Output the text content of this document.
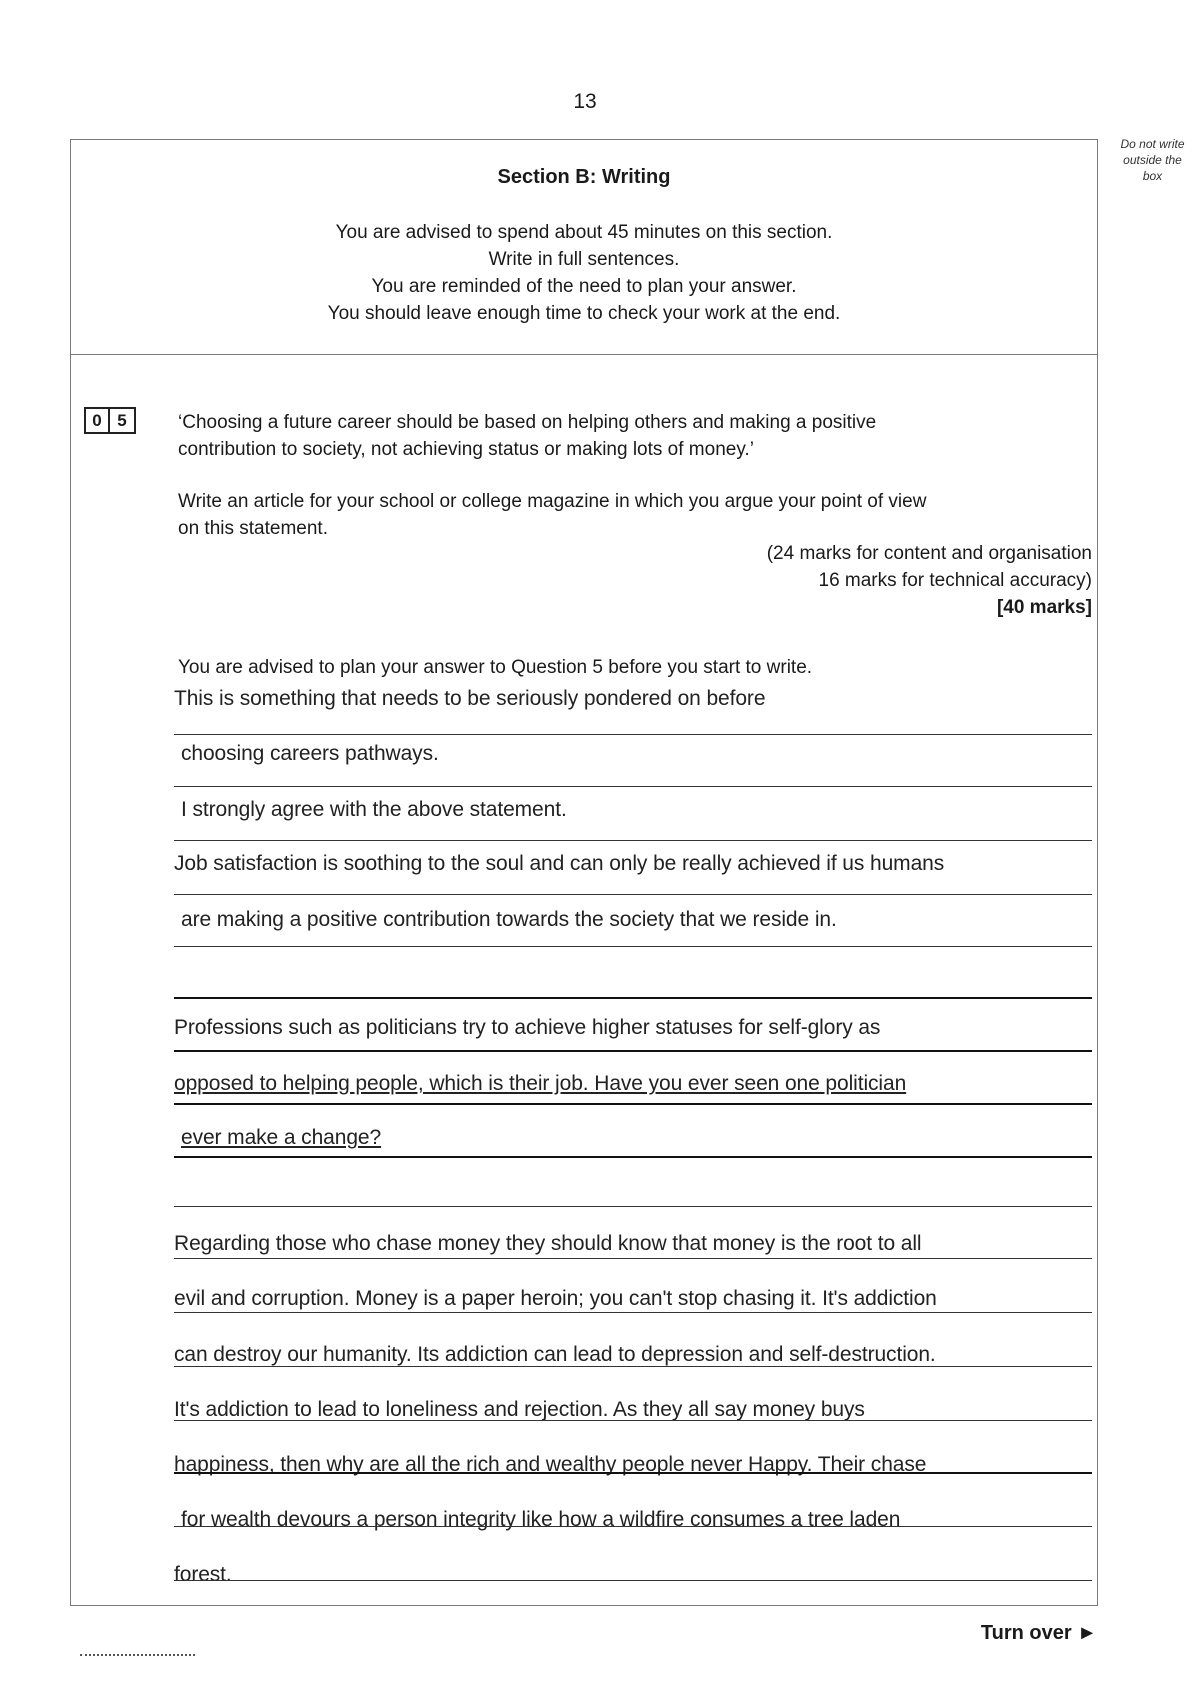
13
Do not write
outside the
box
Section B: Writing
You are advised to spend about 45 minutes on this section.
Write in full sentences.
You are reminded of the need to plan your answer.
You should leave enough time to check your work at the end.
0 5	‘Choosing a future career should be based on helping others and making a positive
contribution to society, not achieving status or making lots of money.’
Write an article for your school or college magazine in which you argue your point of view
on this statement.
(24 marks for content and organisation
16 marks for technical accuracy)
[40 marks]
You are advised to plan your answer to Question 5 before you start to write.
This is something that needs to be seriously pondered on before
choosing careers pathways.
I strongly agree with the above statement.
Job satisfaction is soothing to the soul and can only be really achieved if us humans
are making a positive contribution towards the society that we reside in.
Professions such as politicians try to achieve higher statuses for self-glory as
opposed to helping people, which is their job. Have you ever seen one politician
ever make a change?
Regarding those who chase money they should know that money is the root to all
evil and corruption. Money is a paper heroin; you can't stop chasing it. It's addiction
can destroy our humanity. Its addiction can lead to depression and self-destruction.
It's addiction to lead to loneliness and rejection. As they all say money buys
happiness, then why are all the rich and wealthy people never Happy. Their chase
for wealth devours a person integrity like how a wildfire consumes a tree laden
forest.
Turn over ►
